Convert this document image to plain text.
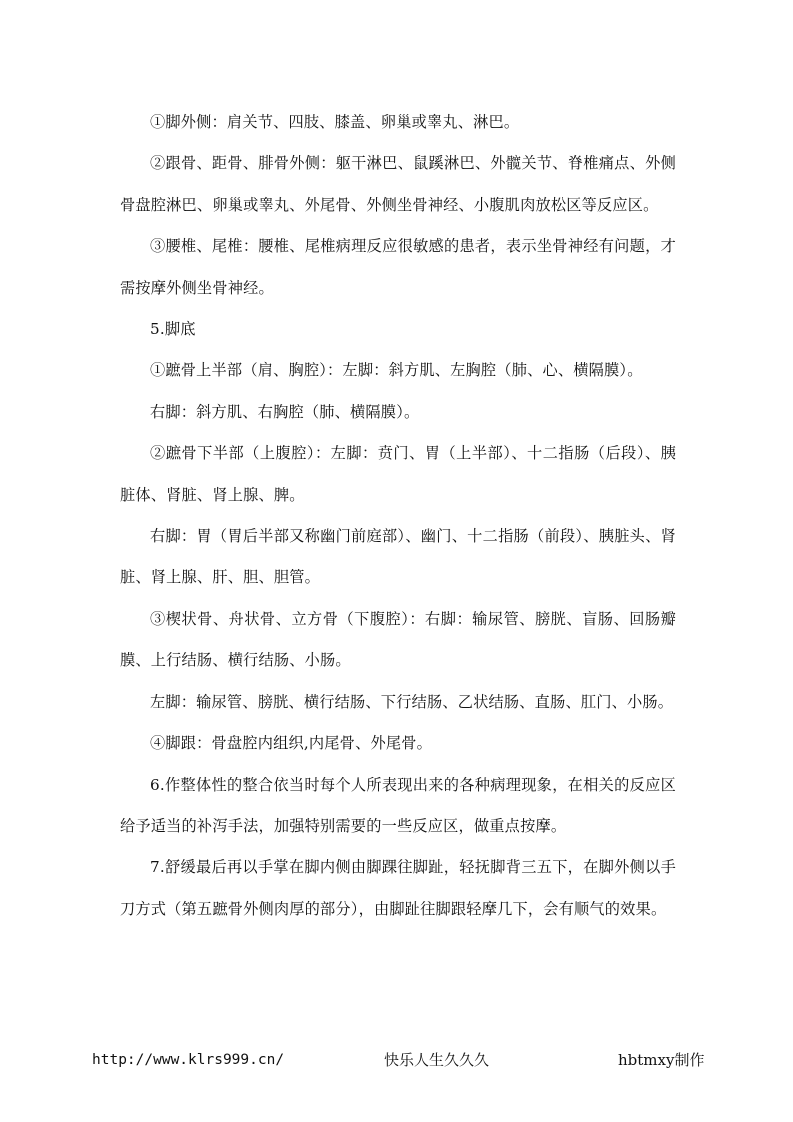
①脚外侧：肩关节、四肢、膝盖、卵巢或睾丸、淋巴。

②跟骨、距骨、腓骨外侧：躯干淋巴、鼠蹊淋巴、外髋关节、脊椎痛点、外侧骨盘腔淋巴、卵巢或睾丸、外尾骨、外侧坐骨神经、小腹肌肉放松区等反应区。

③腰椎、尾椎：腰椎、尾椎病理反应很敏感的患者，表示坐骨神经有问题，才需按摩外侧坐骨神经。

5.脚底

①蹠骨上半部（肩、胸腔）：左脚：斜方肌、左胸腔（肺、心、横隔膜）。

右脚：斜方肌、右胸腔（肺、横隔膜）。

②蹠骨下半部（上腹腔）：左脚：贲门、胃（上半部）、十二指肠（后段）、胰脏体、肾脏、肾上腺、脾。

右脚：胃（胃后半部又称幽门前庭部）、幽门、十二指肠（前段）、胰脏头、肾脏、肾上腺、肝、胆、胆管。

③楔状骨、舟状骨、立方骨（下腹腔）：右脚：输尿管、膀胱、盲肠、回肠瓣膜、上行结肠、横行结肠、小肠。

左脚：输尿管、膀胱、横行结肠、下行结肠、乙状结肠、直肠、肛门、小肠。

④脚跟：骨盘腔内组织,内尾骨、外尾骨。

6.作整体性的整合依当时每个人所表现出来的各种病理现象，在相关的反应区给予适当的补泻手法，加强特别需要的一些反应区，做重点按摩。

7.舒缓最后再以手掌在脚内侧由脚踝往脚趾，轻抚脚背三五下，在脚外侧以手刀方式（第五蹠骨外侧肉厚的部分），由脚趾往脚跟轻摩几下，会有顺气的效果。

http://www.klrs999.cn/	快乐人生久久久	hbtmxy制作
